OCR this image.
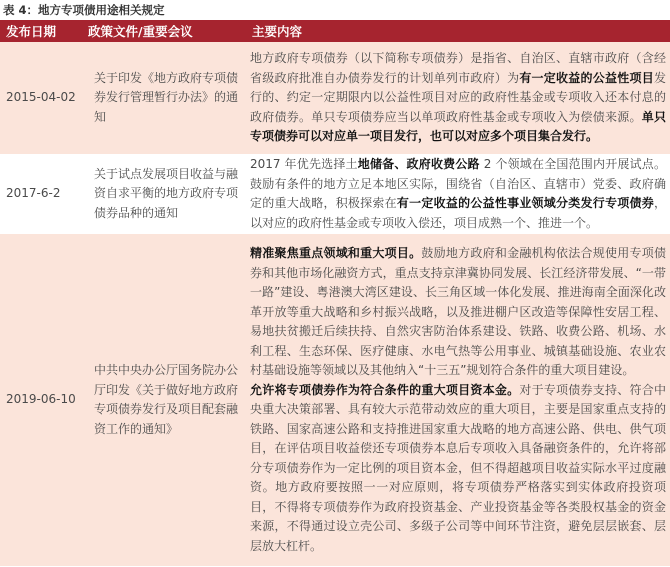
表 4：地方专项债用途相关规定
发布日期	政策文件/重要会议	主要内容
2015-04-02	关于印发《地方政府专项债券发行管理暂行办法》的通知	地方政府专项债券（以下简称专项债券）是指省、自治区、直辖市政府（含经省级政府批准自办债券发行的计划单列市政府）为有一定收益的公益性项目发行的、约定一定期限内以公益性项目对应的政府性基金或专项收入还本付息的政府债券。单只专项债券应当以单项政府性基金或专项收入为偿债来源。单只专项债券可以对应单一项目发行，也可以对应多个项目集合发行。
2017-6-2	关于试点发展项目收益与融资自求平衡的地方政府专项债券品种的通知	2017 年优先选择土地储备、政府收费公路 2 个领域在全国范围内开展试点。鼓励有条件的地方立足本地区实际，围绕省（自治区、直辖市）党委、政府确定的重大战略，积极探索在有一定收益的公益性事业领域分类发行专项债券，以对应的政府性基金或专项收入偿还，项目成熟一个、推进一个。
2019-06-10	中共中央办公厅国务院办公厅印发《关于做好地方政府专项债券发行及项目配套融资工作的通知》	精准聚焦重点领域和重大项目。鼓励地方政府和金融机构依法合规使用专项债券和其他市场化融资方式，重点支持京津冀协同发展、长江经济带发展、“一带一路”建设、粤港澳大湾区建设、长三角区域一体化发展、推进海南全面深化改革开放等重大战略和乡村振兴战略，以及推进棚户区改造等保障性安居工程、易地扶贫搬迁后续扶持、自然灾害防治体系建设、铁路、收费公路、机场、水利工程、生态环保、医疗健康、水电气热等公用事业、城镇基础设施、农业农村基础设施等领域以及其他纳入“十三五”规划符合条件的重大项目建设。
允许将专项债券作为符合条件的重大项目资本金。对于专项债券支持、符合中央重大决策部署、具有较大示范带动效应的重大项目，主要是国家重点支持的铁路、国家高速公路和支持推进国家重大战略的地方高速公路、供电、供气项目，在评估项目收益偿还专项债券本息后专项收入具备融资条件的，允许将部分专项债券作为一定比例的项目资本金，但不得超越项目收益实际水平过度融资。地方政府要按照一一对应原则，将专项债券严格落实到实体政府投资项目，不得将专项债券作为政府投资基金、产业投资基金等各类股权基金的资金来源，不得通过设立壳公司、多级子公司等中间环节注资，避免层层嵌套、层层放大杠杆。
